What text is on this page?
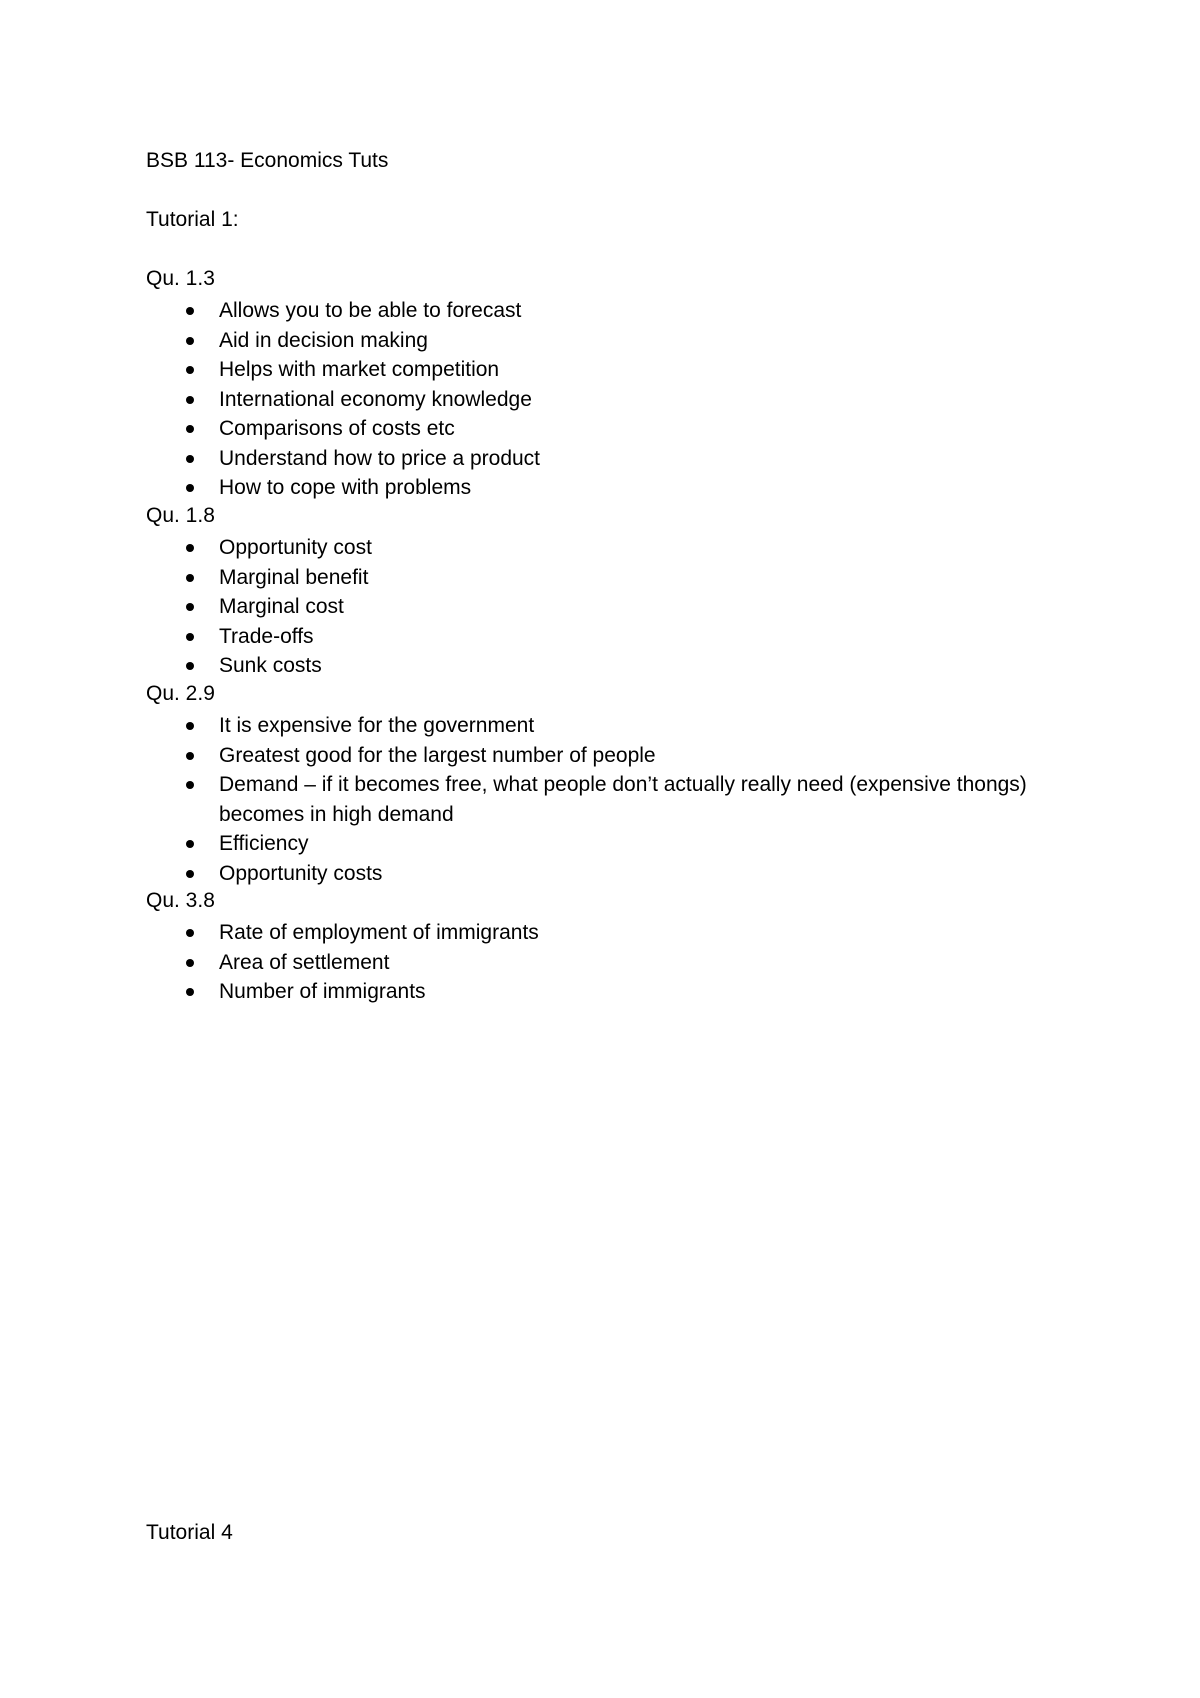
BSB 113- Economics Tuts
Tutorial 1:
Qu. 1.3
Allows you to be able to forecast
Aid in decision making
Helps with market competition
International economy knowledge
Comparisons of costs etc
Understand how to price a product
How to cope with problems
Qu. 1.8
Opportunity cost
Marginal benefit
Marginal cost
Trade-offs
Sunk costs
Qu. 2.9
It is expensive for the government
Greatest good for the largest number of people
Demand – if it becomes free, what people don’t actually really need (expensive thongs) becomes in high demand
Efficiency
Opportunity costs
Qu. 3.8
Rate of employment of immigrants
Area of settlement
Number of immigrants
Tutorial 4
